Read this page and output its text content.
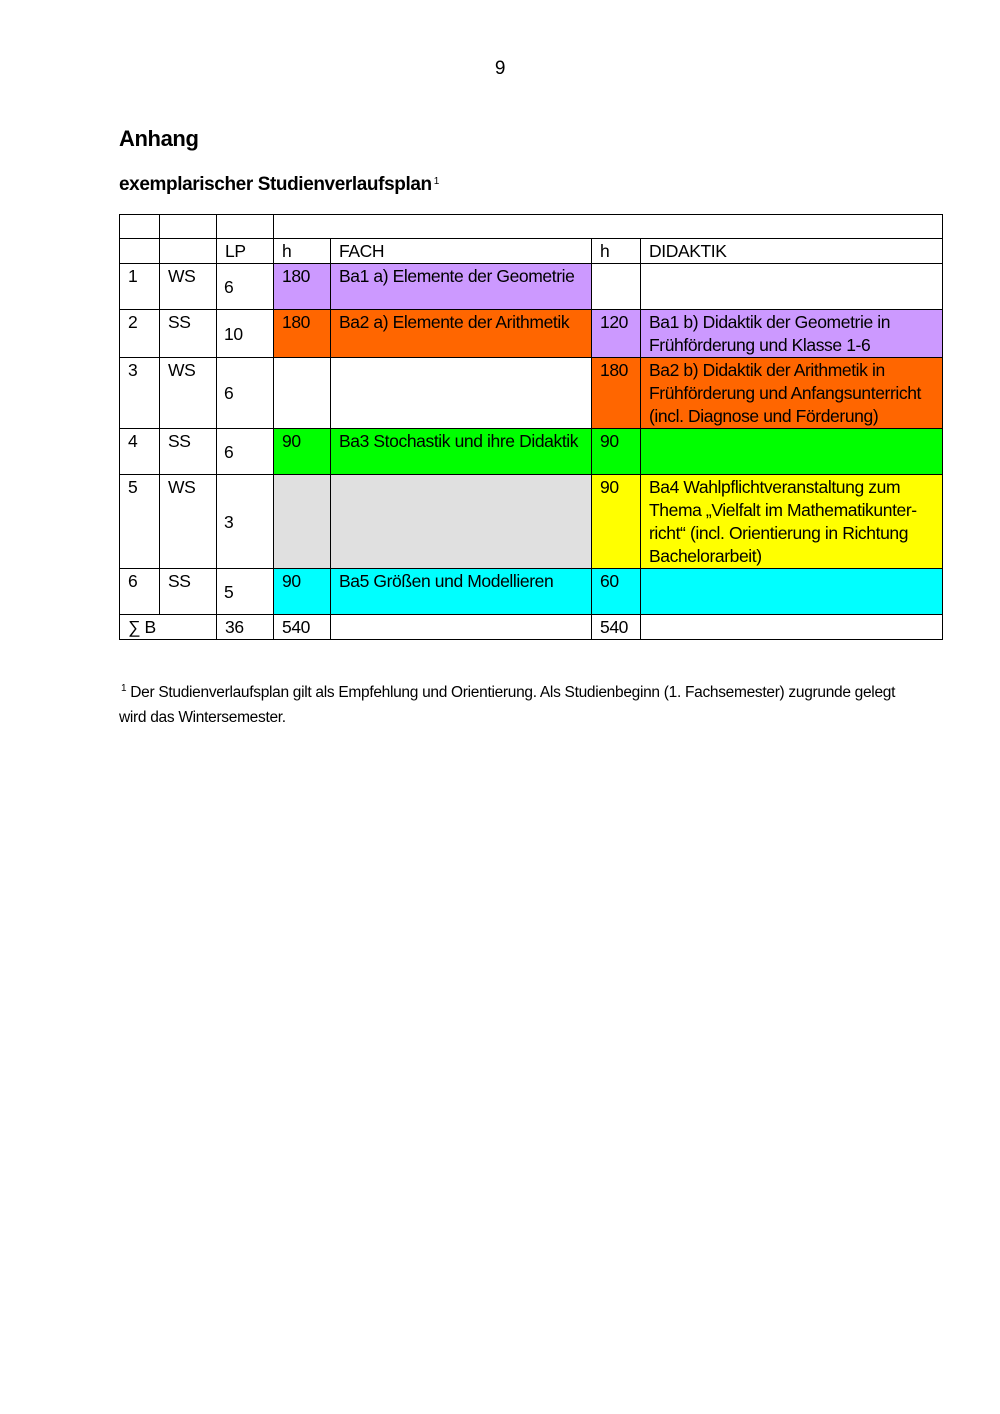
9
Anhang
exemplarischer Studienverlaufsplan $^1$

		LP	h	FACH	h	DIDAKTIK
1	WS	6	180	Ba1 a) Elemente der Geometrie		
2	SS	10	180	Ba2 a) Elemente der Arithmetik	120	Ba1 b) Didaktik der Geometrie in Frühförderung und Klasse 1-6
3	WS	6			180	Ba2 b) Didaktik der Arithmetik in Frühförderung und Anfangsunterricht (incl. Diagnose und Förderung)
4	SS	6	90	Ba3 Stochastik und ihre Didaktik	90	
5	WS	3			90	Ba4 Wahlpflichtveranstaltung zum Thema „Vielfalt im Mathematikunter-richt“ (incl. Orientierung in Richtung Bachelorarbeit)
6	SS	5	90	Ba5 Größen und Modellieren	60	
∑ B		36	540		540	
$^1$ Der Studienverlaufsplan gilt als Empfehlung und Orientierung. Als Studienbeginn (1. Fachsemester) zugrunde gelegt wird das Wintersemester.
